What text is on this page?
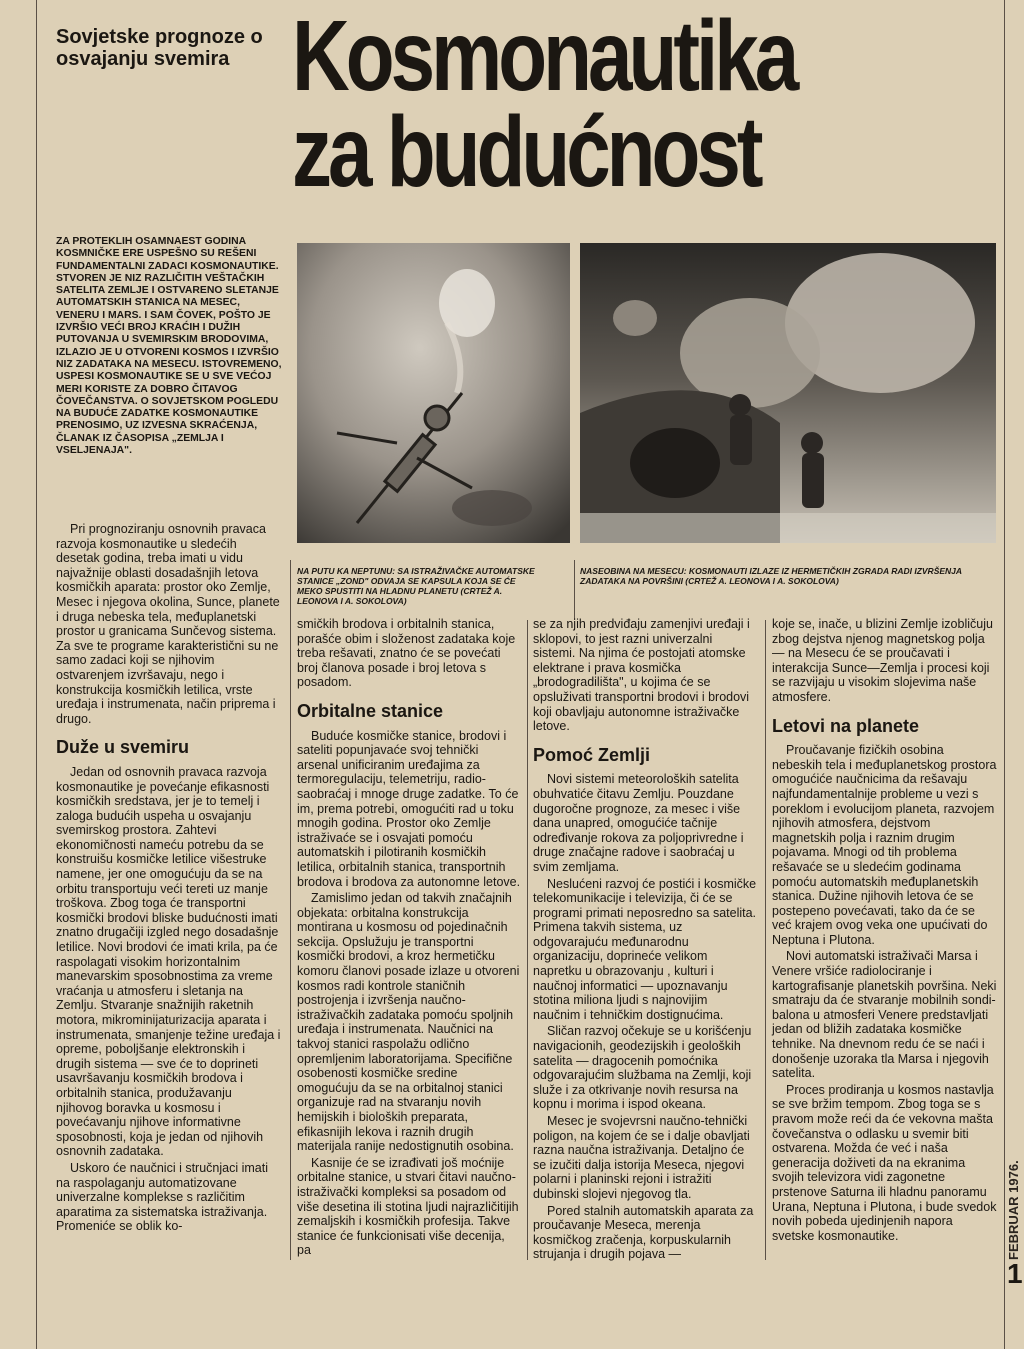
Sovjetske prognoze o osvajanju svemira Kosmonautika
za budućnost

ZA PROTEKLIH OSAMNAEST GODINA KOSMNIČKE ERE USPEŠNO SU REŠENI FUNDAMENTALNI ZADACI KOSMONAUTIKE. STVOREN JE NIZ RAZLIČITIH VEŠTAČKIH SATELITA ZEMLJE I OSTVARENO SLETANJE AUTOMATSKIH STANICA NA MESEC, VENERU I MARS. I SAM ČOVEK, POŠTO JE IZVRŠIO VEĆI BROJ KRAĆIH I DUŽIH PUTOVANJA U SVEMIRSKIM BRODOVIMA, IZLAZIO JE U OTVORENI KOSMOS I IZVRŠIO NIZ ZADATAKA NA MESECU. ISTOVREMENO, USPESI KOSMONAUTIKE SE U SVE VEĆOJ MERI KORISTE ZA DOBRO ČITAVOG ČOVEČANSTVA. O SOVJETSKOM POGLEDU NA BUDUĆE ZADATKE KOSMONAUTIKE PRENOSIMO, UZ IZVESNA SKRAĆENJA, ČLANAK IZ ČASOPISA „ZEMLJA I VSELJENAJA".

NA PUTU KA NEPTUNU: SA ISTRAŽIVAČKE AUTOMATSKE STANICE „ZOND" ODVAJA SE KAPSULA KOJA SE ĆE MEKO SPUSTITI NA HLADNU PLANETU (CRTEŽ A. LEONOVA I A. SOKOLOVA)
NASEOBINA NA MESECU: KOSMONAUTI IZLAZE IZ HERMETIČKIH ZGRADA RADI IZVRŠENJA ZADATAKA NA POVRŠINI (CRTEŽ A. LEONOVA I A. SOKOLOVA)

Pri prognoziranju osnovnih pravaca razvoja kosmonautike u sledećih desetak godina, treba imati u vidu najvažnije oblasti dosadašnjih letova kosmičkih aparata: prostor oko Zemlje, Mesec i njegova okolina, Sunce, planete i druga nebeska tela, međuplanetski prostor u granicama Sunčevog sistema. Za sve te programe karakteristični su ne samo zadaci koji se njihovim ostvarenjem izvršavaju, nego i konstrukcija kosmičkih letilica, vrste uređaja i instrumenata, način priprema i drugo.

Duže u svemiru

Jedan od osnovnih pravaca razvoja kosmonautike je povećanje efikasnosti kosmičkih sredstava, jer je to temelj i zaloga budućih uspeha u osvajanju svemirskog prostora. Zahtevi ekonomičnosti nameću potrebu da se konstruišu kosmičke letilice višestruke namene, jer one omogućuju da se na orbitu transportuju veći tereti uz manje troškova. Zbog toga će transportni kosmički brodovi bliske budućnosti imati znatno drugačiji izgled nego dosadašnje letilice. Novi brodovi će imati krila, pa će raspolagati visokim horizontalnim manevarskim sposobnostima za vreme vraćanja u atmosferu i sletanja na Zemlju. Stvaranje snažnijih raketnih motora, mikrominijaturizacija aparata i instrumenata, smanjenje težine uređaja i opreme, poboljšanje elektronskih i drugih sistema — sve će to doprineti usavršavanju kosmičkih brodova i orbitalnih stanica, produžavanju njihovog boravka u kosmosu i povećavanju njihove informativne sposobnosti, koja je jedan od njihovih osnovnih zadataka.

Uskoro će naučnici i stručnjaci imati na raspolaganju automatizovane univerzalne komplekse s različitim aparatima za sistematska istraživanja. Promeniće se oblik ko-

smičkih brodova i orbitalnih stanica, porašće obim i složenost zadataka koje treba rešavati, znatno će se povećati broj članova posade i broj letova s posadom.

Orbitalne stanice

Buduće kosmičke stanice, brodovi i sateliti popunjavaće svoj tehnički arsenal unificiranim uređajima za termoregulaciju, telemetriju, radio-saobraćaj i mnoge druge zadatke. To će im, prema potrebi, omogućiti rad u toku mnogih godina. Prostor oko Zemlje istraživaće se i osvajati pomoću automatskih i pilotiranih kosmičkih letilica, orbitalnih stanica, transportnih brodova i brodova za autonomne letove.

Zamislimo jedan od takvih značajnih objekata: orbitalna konstrukcija montirana u kosmosu od pojedinačnih sekcija. Opslužuju je transportni kosmički brodovi, a kroz hermetičku komoru članovi posade izlaze u otvoreni kosmos radi kontrole staničnih postrojenja i izvršenja naučno-istraživačkih zadataka pomoću spoljnih uređaja i instrumenata. Naučnici na takvoj stanici raspolažu odlično opremljenim laboratorijama. Specifične osobenosti kosmičke sredine omogućuju da se na orbitalnoj stanici organizuje rad na stvaranju novih hemijskih i bioloških preparata, efikasnijih lekova i raznih drugih materijala ranije nedostignutih osobina.

Kasnije će se izrađivati još moćnije orbitalne stanice, u stvari čitavi naučno-istraživački kompleksi sa posadom od više desetina ili stotina ljudi najrazličitijih zemaljskih i kosmičkih profesija. Takve stanice će funkcionisati više decenija, pa

se za njih predviđaju zamenjivi uređaji i sklopovi, to jest razni univerzalni sistemi. Na njima će postojati atomske elektrane i prava kosmička „brodogradilišta", u kojima će se opsluživati transportni brodovi i brodovi koji obavljaju autonomne istraživačke letove.

Pomoć Zemlji

Novi sistemi meteoroloških satelita obuhvatiće čitavu Zemlju. Pouzdane dugoročne prognoze, za mesec i više dana unapred, omogućiće tačnije određivanje rokova za poljoprivredne i druge značajne radove i saobraćaj u svim zemljama.

Neslućeni razvoj će postići i kosmičke telekomunikacije i televizija, či će se programi primati neposredno sa satelita. Primena takvih sistema, uz odgovarajuću međunarodnu organizaciju, doprineće velikom napretku u obrazovanju , kulturi i naučnoj informatici — upoznavanju stotina miliona ljudi s najnovijim naučnim i tehničkim dostignućima.

Sličan razvoj očekuje se u korišćenju navigacionih, geodezijskih i geoloških satelita — dragocenih pomoćnika odgovarajućim službama na Zemlji, koji služe i za otkrivanje novih resursa na kopnu i morima i ispod okeana.

Mesec je svojevrsni naučno-tehnički poligon, na kojem će se i dalje obavljati razna naučna istraživanja. Detaljno će se izučiti dalja istorija Meseca, njegovi polarni i planinski rejoni i istražiti dubinski slojevi njegovog tla.

Pored stalnih automatskih aparata za proučavanje Meseca, merenja kosmičkog zračenja, korpuskularnih strujanja i drugih pojava —

koje se, inače, u blizini Zemlje izobličuju zbog dejstva njenog magnetskog polja — na Mesecu će se proučavati i interakcija Sunce—Zemlja i procesi koji se razvijaju u visokim slojevima naše atmosfere.

Letovi na planete

Proučavanje fizičkih osobina nebeskih tela i međuplanetskog prostora omogućiće naučnicima da rešavaju najfundamentalnije probleme u vezi s poreklom i evolucijom planeta, razvojem njihovih atmosfera, dejstvom magnetskih polja i raznim drugim pojavama. Mnogi od tih problema rešavaće se u sledećim godinama pomoću automatskih međuplanetskih stanica. Dužine njihovih letova će se postepeno povećavati, tako da će se već krajem ovog veka one upućivati do Neptuna i Plutona.

Novi automatski istraživači Marsa i Venere vršiće radiolociranje i kartografisanje planetskih površina. Neki smatraju da će stvaranje mobilnih sondi-balona u atmosferi Venere predstavljati jedan od bližih zadataka kosmičke tehnike. Na dnevnom redu će se naći i donošenje uzoraka tla Marsa i njegovih satelita.

Proces prodiranja u kosmos nastavlja se sve bržim tempom. Zbog toga se s pravom može reći da će vekovna mašta čovečanstva o odlasku u svemir biti ostvarena. Možda će već i naša generacija doživeti da na ekranima svojih televizora vidi zagonetne prstenove Saturna ili hladnu panoramu Urana, Neptuna i Plutona, i bude svedok novih pobeda ujedinjenih napora svetske kosmonautike.	FEBRUAR 1976.
1
